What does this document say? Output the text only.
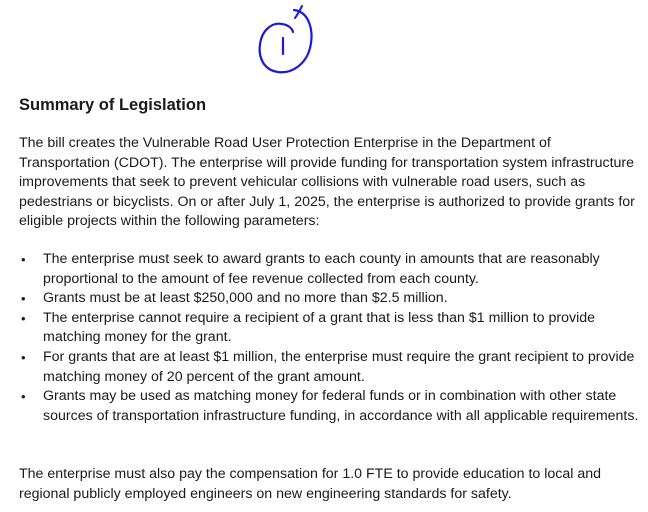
Summary of Legislation

The bill creates the Vulnerable Road User Protection Enterprise in the Department of Transportation (CDOT). The enterprise will provide funding for transportation system infrastructure improvements that seek to prevent vehicular collisions with vulnerable road users, such as pedestrians or bicyclists. On or after July 1, 2025, the enterprise is authorized to provide grants for eligible projects within the following parameters:

• The enterprise must seek to award grants to each county in amounts that are reasonably proportional to the amount of fee revenue collected from each county.
• Grants must be at least $250,000 and no more than $2.5 million.
• The enterprise cannot require a recipient of a grant that is less than $1 million to provide matching money for the grant.
• For grants that are at least $1 million, the enterprise must require the grant recipient to provide matching money of 20 percent of the grant amount.
• Grants may be used as matching money for federal funds or in combination with other state sources of transportation infrastructure funding, in accordance with all applicable requirements.

The enterprise must also pay the compensation for 1.0 FTE to provide education to local and regional publicly employed engineers on new engineering standards for safety.
